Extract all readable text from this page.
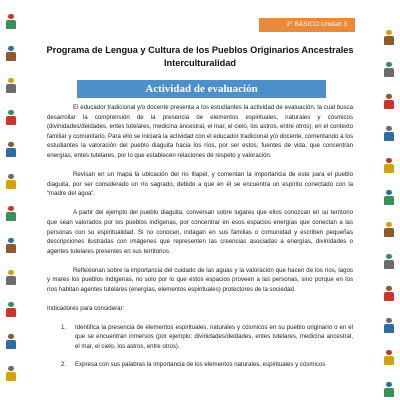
2° BÁSICO Unidad 3
Programa de Lengua y Cultura de los Pueblos Originarios Ancestrales
Interculturalidad
Actividad de evaluación

El educador tradicional y/o docente presenta a los estudiantes la actividad de evaluación, la cual busca desarrollar la comprensión de la presencia de elementos espirituales, naturales y cósmicos (divinidades/deidades, entes tutelares, medicina ancestral, el mar, el cielo, los astros, entre otros), en el contexto familiar y comunitario. Para ello se iniciará la actividad con el educador tradicional y/o docente, comentando a los estudiantes la valoración del pueblo diaguita hacia los ríos, por ser estos, fuentes de vida, que concentran energías, entes tutelares, por lo que establecen relaciones de respeto y valoración.

Revisan en un mapa la ubicación del río Illapel, y comentan la importancia de este para el pueblo diaguita, por ser considerado un río sagrado, debido a que en él se encuentra un espíritu conectado con la “madre del agua”.

A partir del ejemplo del pueblo diaguita, conversan sobre lugares que ellos conozcan en su territorio que sean valorados por los pueblos indígenas, por concentrar en esos espacios energías que conectan a las personas con su espiritualidad. Si no conocen, indagan en sus familias o comunidad y escriben pequeñas descripciones ilustradas con imágenes que representen las creencias asociadas a energías, divinidades o agentes tutelares presentes en sus territorios.

Reflexionan sobre la importancia del cuidado de las aguas y la valoración que hacen de los ríos, lagos y mares los pueblos indígenas, no solo por lo que estos espacios proveen a las personas, sino porque en los ríos habitan agentes tutelares (energías, elementos espirituales) protectores de la sociedad.

Indicadores para considerar:

1. Identifica la presencia de elementos espirituales, naturales y cósmicos en su pueblo originario o en el que se encuentran inmersos (por ejemplo: divinidades/deidades, entes tutelares, medicina ancestral, el mar, el cielo, los astros, entre otros).
2. Expresa con sus palabras la importancia de los elementos naturales, espirituales y cósmicos
